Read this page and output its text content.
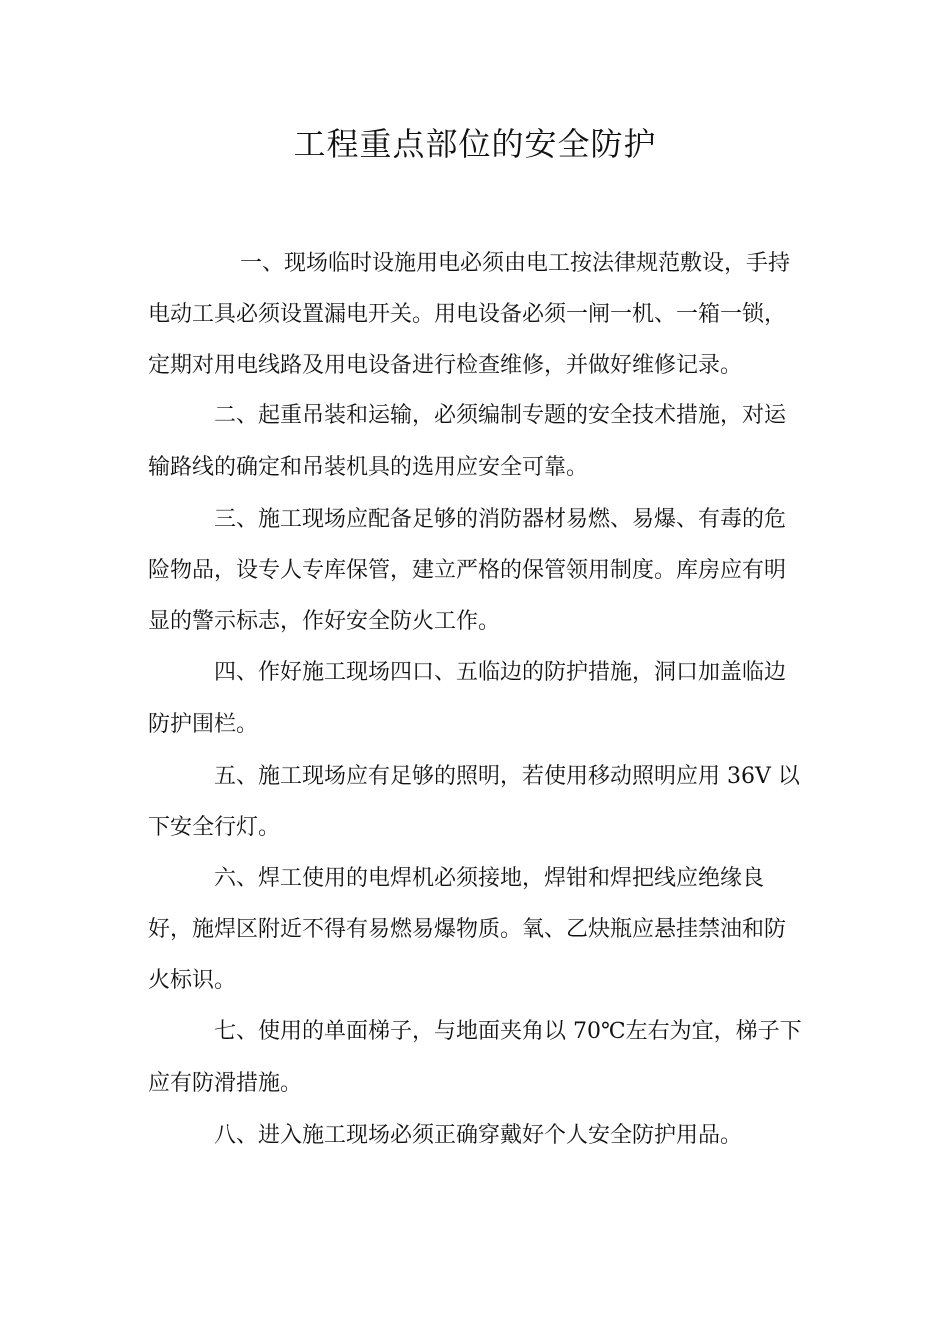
工程重点部位的安全防护

一、现场临时设施用电必须由电工按法律规范敷设，手持

电动工具必须设置漏电开关。用电设备必须一闸一机、一箱一锁，

定期对用电线路及用电设备进行检查维修，并做好维修记录。

二、起重吊装和运输，必须编制专题的安全技术措施，对运

输路线的确定和吊装机具的选用应安全可靠。

三、施工现场应配备足够的消防器材易燃、易爆、有毒的危

险物品，设专人专库保管，建立严格的保管领用制度。库房应有明

显的警示标志，作好安全防火工作。

四、作好施工现场四口、五临边的防护措施，洞口加盖临边

防护围栏。

五、施工现场应有足够的照明，若使用移动照明应用 36V 以

下安全行灯。

六、焊工使用的电焊机必须接地，焊钳和焊把线应绝缘良

好，施焊区附近不得有易燃易爆物质。氧、乙炔瓶应悬挂禁油和防

火标识。

七、使用的单面梯子，与地面夹角以 70℃左右为宜，梯子下

应有防滑措施。

八、进入施工现场必须正确穿戴好个人安全防护用品。
